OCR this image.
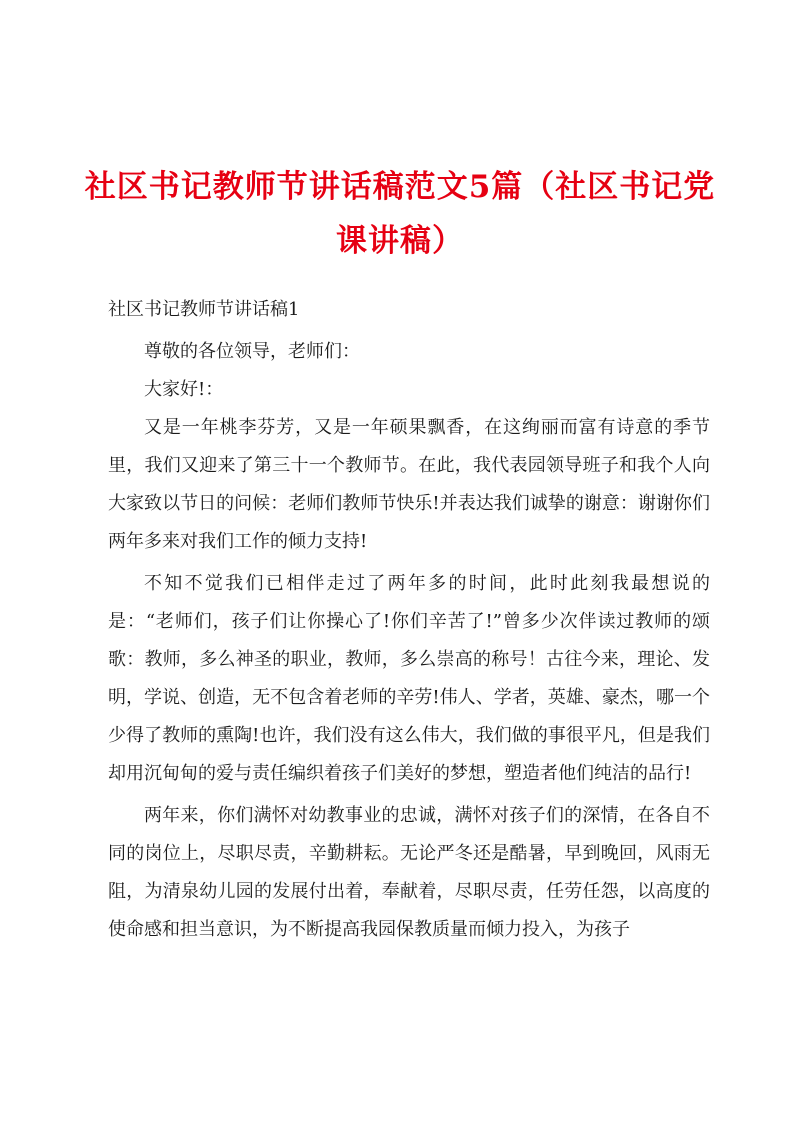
社区书记教师节讲话稿范文5篇（社区书记党课讲稿）

社区书记教师节讲话稿1

尊敬的各位领导，老师们：

大家好!：

又是一年桃李芬芳，又是一年硕果飘香，在这绚丽而富有诗意的季节里，我们又迎来了第三十一个教师节。在此，我代表园领导班子和我个人向大家致以节日的问候：老师们教师节快乐!并表达我们诚挚的谢意：谢谢你们两年多来对我们工作的倾力支持!

不知不觉我们已相伴走过了两年多的时间，此时此刻我最想说的是：“老师们，孩子们让你操心了!你们辛苦了!”曾多少次伴读过教师的颂歌：教师，多么神圣的职业，教师，多么崇高的称号！古往今来，理论、发明，学说、创造，无不包含着老师的辛劳!伟人、学者，英雄、豪杰，哪一个少得了教师的熏陶!也许，我们没有这么伟大，我们做的事很平凡，但是我们却用沉甸甸的爱与责任编织着孩子们美好的梦想，塑造者他们纯洁的品行!

两年来，你们满怀对幼教事业的忠诚，满怀对孩子们的深情，在各自不同的岗位上，尽职尽责，辛勤耕耘。无论严冬还是酷暑，早到晚回，风雨无阻，为清泉幼儿园的发展付出着，奉献着，尽职尽责，任劳任怨，以高度的使命感和担当意识，为不断提高我园保教质量而倾力投入，为孩子
